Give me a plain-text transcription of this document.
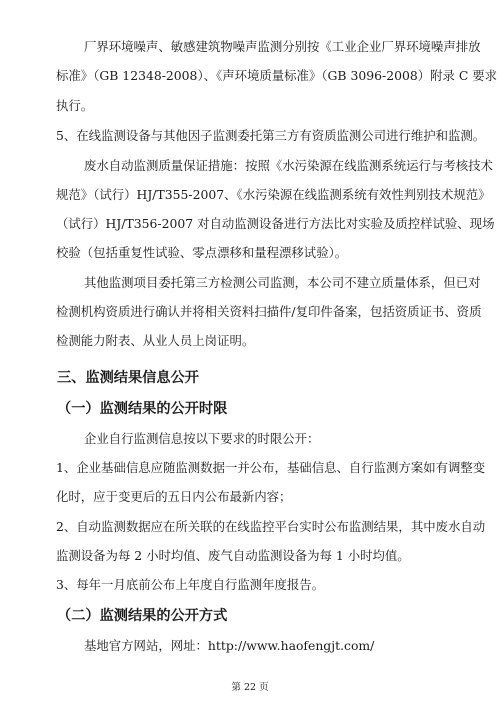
厂界环境噪声、敏感建筑物噪声监测分别按《工业企业厂界环境噪声排放
标准》（GB 12348-2008）、《声环境质量标准》（GB 3096-2008）附录 C 要求
执行。
5、在线监测设备与其他因子监测委托第三方有资质监测公司进行维护和监测。
废水自动监测质量保证措施：按照《水污染源在线监测系统运行与考核技术
规范》（试行）HJ/T355-2007、《水污染源在线监测系统有效性判别技术规范》
（试行）HJ/T356-2007 对自动监测设备进行方法比对实验及质控样试验、现场
校验（包括重复性试验、零点漂移和量程漂移试验）。
其他监测项目委托第三方检测公司监测，本公司不建立质量体系，但已对
检测机构资质进行确认并将相关资料扫描件/复印件备案，包括资质证书、资质
检测能力附表、从业人员上岗证明。
三、监测结果信息公开
（一）监测结果的公开时限
企业自行监测信息按以下要求的时限公开：
1、企业基础信息应随监测数据一并公布，基础信息、自行监测方案如有调整变
化时，应于变更后的五日内公布最新内容；
2、自动监测数据应在所关联的在线监控平台实时公布监测结果，其中废水自动
监测设备为每 2 小时均值、废气自动监测设备为每 1 小时均值。
3、每年一月底前公布上年度自行监测年度报告。
（二）监测结果的公开方式
基地官方网站，网址：http://www.haofengjt.com/
第 22 页
